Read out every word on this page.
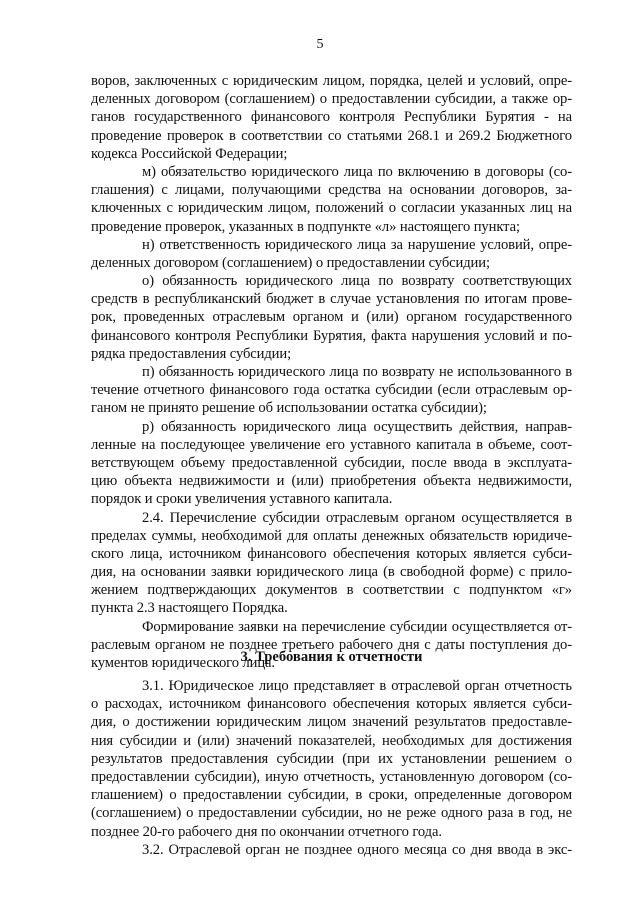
5
воров, заключенных с юридическим лицом, порядка, целей и условий, опре-
деленных договором (соглашением) о предоставлении субсидии, а также ор-
ганов государственного финансового контроля Республики Бурятия - на
проведение проверок в соответствии со статьями 268.1 и 269.2 Бюджетного
кодекса Российской Федерации;
м) обязательство юридического лица по включению в договоры (со-
глашения) с лицами, получающими средства на основании договоров, за-
ключенных с юридическим лицом, положений о согласии указанных лиц на
проведение проверок, указанных в подпункте «л» настоящего пункта;
н) ответственность юридического лица за нарушение условий, опре-
деленных договором (соглашением) о предоставлении субсидии;
о) обязанность юридического лица по возврату соответствующих
средств в республиканский бюджет в случае установления по итогам прове-
рок, проведенных отраслевым органом и (или) органом государственного
финансового контроля Республики Бурятия, факта нарушения условий и по-
рядка предоставления субсидии;
п) обязанность юридического лица по возврату не использованного в
течение отчетного финансового года остатка субсидии (если отраслевым ор-
ганом не принято решение об использовании остатка субсидии);
р) обязанность юридического лица осуществить действия, направ-
ленные на последующее увеличение его уставного капитала в объеме, соот-
ветствующем объему предоставленной субсидии, после ввода в эксплуата-
цию объекта недвижимости и (или) приобретения объекта недвижимости,
порядок и сроки увеличения уставного капитала.
2.4. Перечисление субсидии отраслевым органом осуществляется в
пределах суммы, необходимой для оплаты денежных обязательств юридиче-
ского лица, источником финансового обеспечения которых является субси-
дия, на основании заявки юридического лица (в свободной форме) с прило-
жением подтверждающих документов в соответствии с подпунктом «г»
пункта 2.3 настоящего Порядка.
Формирование заявки на перечисление субсидии осуществляется от-
раслевым органом не позднее третьего рабочего дня с даты поступления до-
кументов юридического лица.
3. Требования к отчетности
3.1. Юридическое лицо представляет в отраслевой орган отчетность
о расходах, источником финансового обеспечения которых является субси-
дия, о достижении юридическим лицом значений результатов предоставле-
ния субсидии и (или) значений показателей, необходимых для достижения
результатов предоставления субсидии (при их установлении решением о
предоставлении субсидии), иную отчетность, установленную договором (со-
глашением) о предоставлении субсидии, в сроки, определенные договором
(соглашением) о предоставлении субсидии, но не реже одного раза в год, не
позднее 20-го рабочего дня по окончании отчетного года.
3.2. Отраслевой орган не позднее одного месяца со дня ввода в экс-
